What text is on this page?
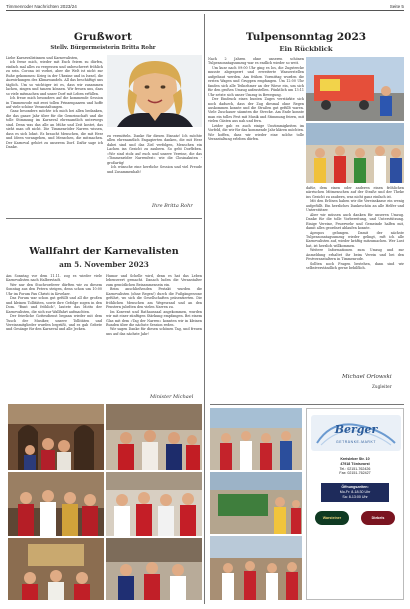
Timmenroder Nachrichten 2023/24	Seite 5
Grußwort
Stellv. Bürgermeisterin Britta Rohr

Liebe Karnevalistinnen und Karnevalisten,

ich freue mich, wieder mit Euch feiern zu dürfen, einfach mal alles zu vergessen und unbeschwert fröhlich zu sein. Corona ist vorbei, aber die Welt ist nicht zur Ruhe gekommen: Krieg in der Ukraine und in Israel, die Auswirkungen des Klimawandels. All das beschäftigt uns täglich. Um so wichtiger ist es, dass wir zusammen lachen, singen und tanzen können. Wir freuen uns, dass so viele mitmachen und unser Dorf mit Leben erfüllen.

Ich freue mich besonders auf die kommende Session in Timmenrode mit zwei tollen Prinzenpaaren und hoffe auf viele schöne Veranstaltungen.

Ganz besonders möchte ich mich bei allen bedanken, die das ganze Jahr über für die Gemeinschaft und die tolle Stimmung im Karneval ehrenamtlich unterwegs sind. Denn was das alle an Mühe und Zeit kostet, das sieht man oft nicht. Die Timmenröder Narren wissen, dass es sich lohnt. Es braucht Menschen, die mit Herz und Ideen vorangehen, und Menschen, die mitmachen. Der Karneval gehört zu unserem Dorf. Dafür sage ich Danke.

zu vermitteln. Danke für diesen Einsatz! Ich möchte allen ehrenamtlich Engagierten danken, die mit Herz dabei sind und das Ziel verfolgen, Menschen ein Lachen ins Gesicht zu zaubern. So geht Dorfleben. «Wir sind stolz auf euch und unsere Vereine, die das »Timmenröder Narrenfest« wie die Closinakuten - großartig!

Ich wünsche eine herrliche Session und viel Freude und Zusammenhalt!

Ihre Britta Rohr
Wallfahrt der Karnevalisten
am 5. November 2023

Am Sonntag vor dem 11.11. zog es wieder viele Karnevalisten nach Halberstadt.

Wer nur den Stuchvorderer dürften wir zu diesem Sonntag aus den Petern steigen, denn schon um 10:00 Uhr im Forum Pax Christi in Kevelaer.

Das Forum war schon gut gefüllt und all die großen und kleinen Tollitäten, sowie ihre Gefolge zogen in den Dom. "Bunt und fröhlich", lautete das Motto der Karnevalisten, die sich zur Wallfahrt aufmachten.

Der feierliche Gottesdienst begann wieder mit dem Tusch der Musiker, unsere Tollitäten und Vereinsmitglieder wurden begrüßt, und es gab Gebete und Gesänge für den Karneval und alle Jecken.

Humor und Schelle wird, denn es hat das Leben lebenswert gemacht. Danach luden die Veranstalter zum gemütlichen Beisammensein ein.

Beim anschließenden Festakt wurden die Karnevalisten (ohne Regen!) durch die Fußgängerzone geführt, wo sich die Gesellschaften präsentierten. Die fröhlichen Menschen am Wegesrand und an den Fenstern jubelten den vielen Narren zu.

Im Konvent und Rathaussaal angekommen, wurden wir mit einer zünftigen Stärkung empfangen. Bei einem Glas mit dem »Tag der Narren« konnten wir in kleinen Runden über die nächste Session reden.

Wir sagen Danke für diesen schönen Tag, und freuen uns auf das nächste Jahr!

Minister Michael
Tulpensonntag 2023
Ein Rückblick

Nach 2 Jahren ohne unseren schönen Tulpensonntagsumzug war es endlich wieder so weit.

Um kurz nach 09:00 Uhr ging es los, die Zugstrecke musste abgesperrt und erweiterte Wasserstellen aufgebaut werden. Am frühen Vormittag wurden die ersten Wagen und Gruppen empfangen. Um 12:00 Uhr fanden sich alle Teilnehmer an der Wiese ein, um sich für den großen Umzug aufzustellen. Pünktlich um 13:11 Uhr setzte sich unser Umzug in Bewegung.

Der Eindruck eines bunten Zuges verstärkte sich noch dadurch, dass der Zug diesmal ohne Regen auskommen konnte und die Straßen gut gefüllt waren. Viele Zuschauer säumten die Strecke. Am Ende konnte man ein tolles Fest mit Musik und Stimmung feiern, mit vielen Gästen aus nah und fern.

Leider gab es auch einige Unstimmigkeiten im Vorfeld, die wir für das kommende Jahr klären möchten. Wir hoffen, dass wir wieder eine solche tolle Veranstaltung erleben dürfen.

dafür, dem einen oder anderen einen fröhlichen närrischen Mitmenschen auf der Straße und der Theke ins Gesicht zu zaubern, was nicht ganz einfach ist.

Mit den Erlösen haben wir die Vereinskasse ein wenig aufgefüllt. Ein herzliches Dankeschön an alle Helfer und Unterstützer.

Aber wir müssen auch danken für unseren Umzug. Danke für die tolle Vorbereitung, und Unterstützung. Einige Vereine, Feuerwehr und Gemeinde halfen mit, damit alles geordnet ablaufen konnte.

Apropos gelungen. Damit der nächste Tulpensonntagsumzug wieder gelingt, ruft ich alle Karnevalisten auf, wieder kräftig mitzumachen. Wer Lust hat, ist herzlich willkommen.

Weitere Informationen zum Umzug und zur Anmeldung erhaltet ihr beim Verein und bei den Festveranstaltern in Timmenrode.

Sollten noch Fragen bestehen, dann sind wir selbstverständlich gerne behilflich.

Michael Orlowski
Zugleiter
Berger
GETRÄNKE-MARKT
Kreisleber Str. 10
47918 Tönisvorst
Tel.: 02151-762426
Fax: 02151-762427
Öffnungszeiten:
Mo-Fr: 8-18:30 Uhr
Sa: 8-13:00 Uhr
Warsteiner	Diebels
